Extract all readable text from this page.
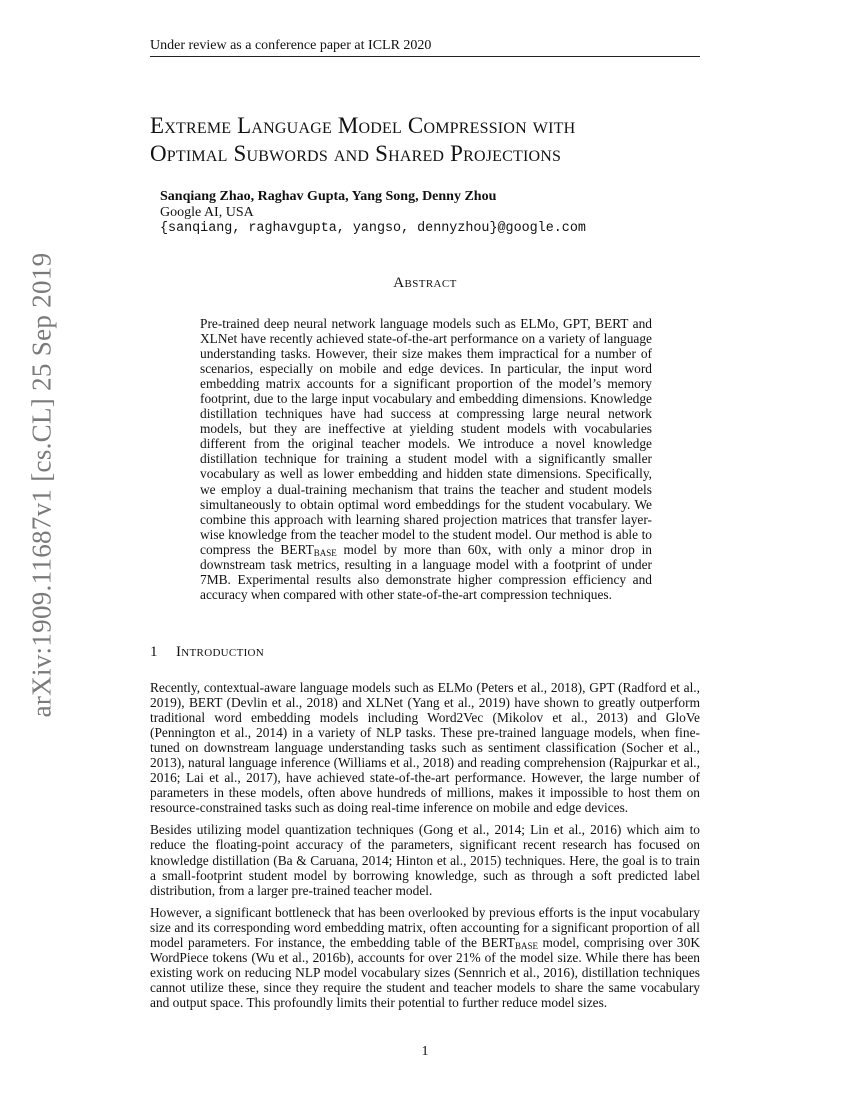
Under review as a conference paper at ICLR 2020
Extreme Language Model Compression with
Optimal Subwords and Shared Projections
Sanqiang Zhao, Raghav Gupta, Yang Song, Denny Zhou
Google AI, USA
{sanqiang, raghavgupta, yangso, dennyzhou}@google.com
arXiv:1909.11687v1 [cs.CL] 25 Sep 2019	Abstract
Pre-trained deep neural network language models such as ELMo, GPT, BERT and XLNet have recently achieved state-of-the-art performance on a variety of language understanding tasks. However, their size makes them impractical for a number of scenarios, especially on mobile and edge devices. In particular, the input word embedding matrix accounts for a significant proportion of the model’s memory footprint, due to the large input vocabulary and embedding dimensions. Knowledge distillation techniques have had success at compressing large neural network models, but they are ineffective at yielding student models with vocabularies different from the original teacher models. We introduce a novel knowledge distillation technique for training a student model with a significantly smaller vocabulary as well as lower embedding and hidden state dimensions. Specifically, we employ a dual-training mechanism that trains the teacher and student models simultaneously to obtain optimal word embeddings for the student vocabulary. We combine this approach with learning shared projection matrices that transfer layer-wise knowledge from the teacher model to the student model. Our method is able to compress the $BERT_{BASE}$ model by more than 60x, with only a minor drop in downstream task metrics, resulting in a language model with a footprint of under 7MB. Experimental results also demonstrate higher compression efficiency and accuracy when compared with other state-of-the-art compression techniques.
1 Introduction

Recently, contextual-aware language models such as ELMo (Peters et al., 2018), GPT (Radford et al., 2019), BERT (Devlin et al., 2018) and XLNet (Yang et al., 2019) have shown to greatly outperform traditional word embedding models including Word2Vec (Mikolov et al., 2013) and GloVe (Pennington et al., 2014) in a variety of NLP tasks. These pre-trained language models, when fine-tuned on downstream language understanding tasks such as sentiment classification (Socher et al., 2013), natural language inference (Williams et al., 2018) and reading comprehension (Rajpurkar et al., 2016; Lai et al., 2017), have achieved state-of-the-art performance. However, the large number of parameters in these models, often above hundreds of millions, makes it impossible to host them on resource-constrained tasks such as doing real-time inference on mobile and edge devices.

Besides utilizing model quantization techniques (Gong et al., 2014; Lin et al., 2016) which aim to reduce the floating-point accuracy of the parameters, significant recent research has focused on knowledge distillation (Ba & Caruana, 2014; Hinton et al., 2015) techniques. Here, the goal is to train a small-footprint student model by borrowing knowledge, such as through a soft predicted label distribution, from a larger pre-trained teacher model.

However, a significant bottleneck that has been overlooked by previous efforts is the input vocabulary size and its corresponding word embedding matrix, often accounting for a significant proportion of all model parameters. For instance, the embedding table of the $BERT_{BASE}$ model, comprising over 30K WordPiece tokens (Wu et al., 2016b), accounts for over 21% of the model size. While there has been existing work on reducing NLP model vocabulary sizes (Sennrich et al., 2016), distillation techniques cannot utilize these, since they require the student and teacher models to share the same vocabulary and output space. This profoundly limits their potential to further reduce model sizes.

1
